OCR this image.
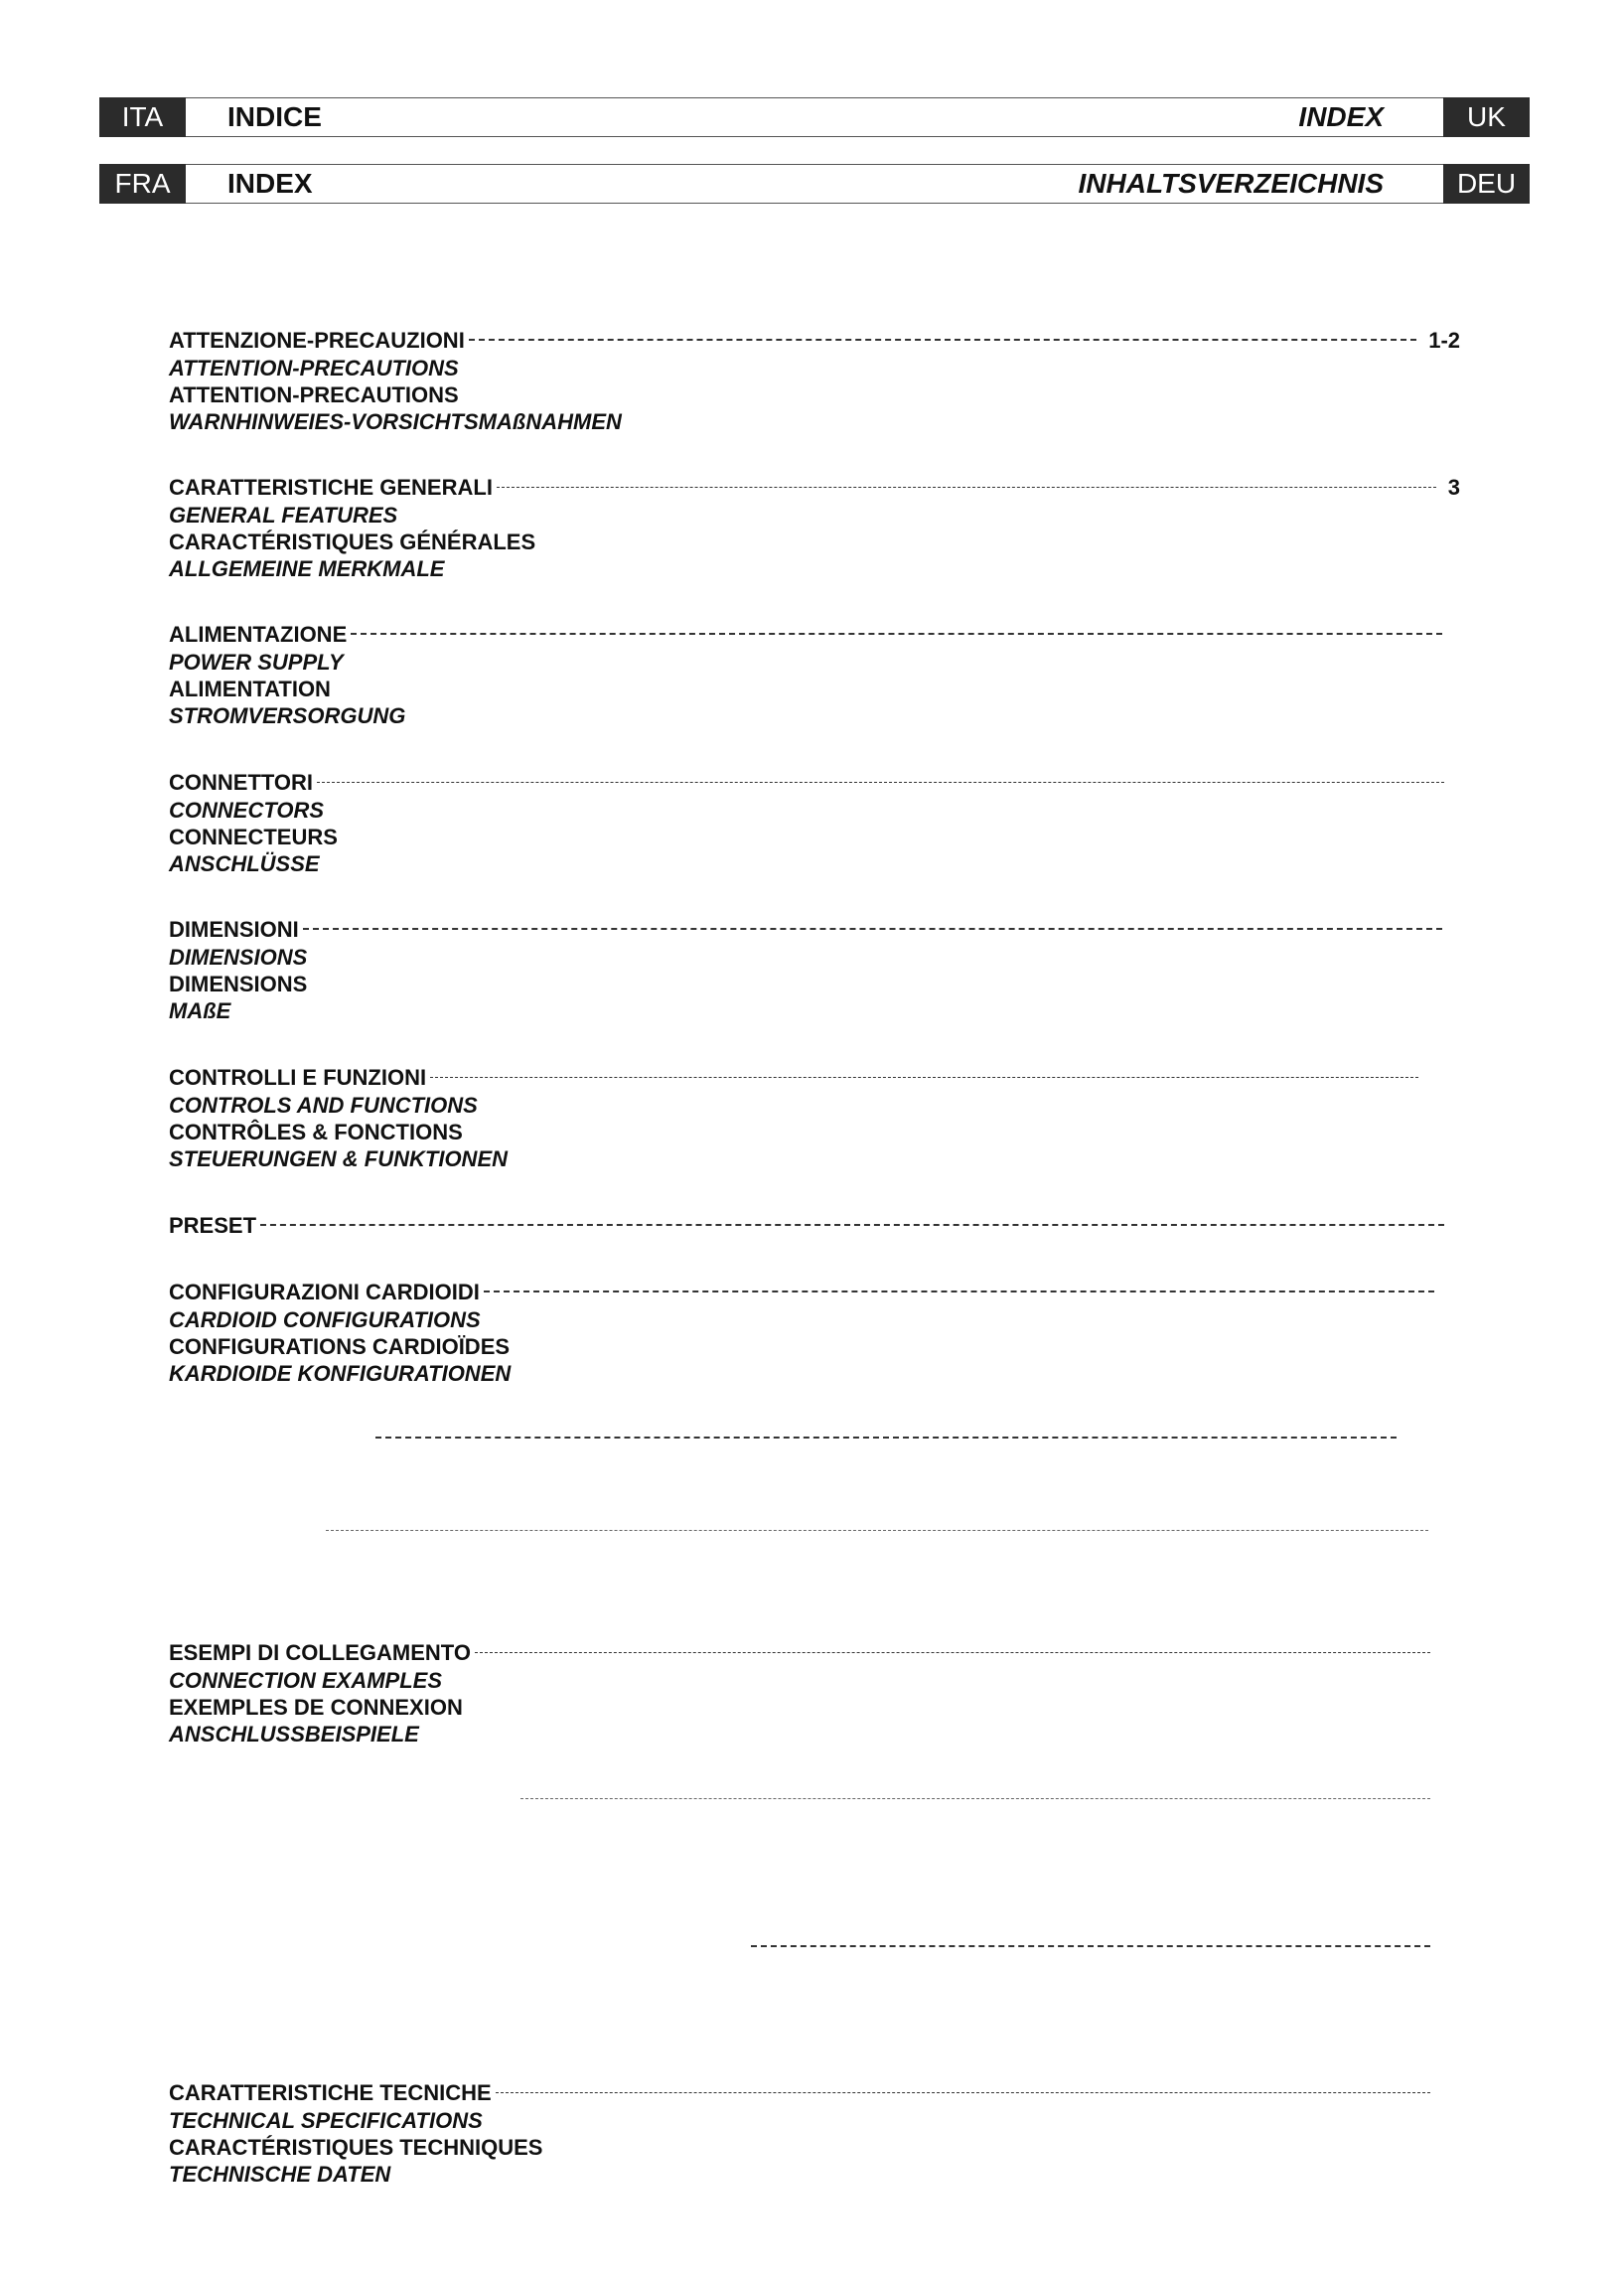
ITA	INDICE	INDEX	UK
FRA	INDEX	INHALTSVERZEICHNIS	DEU
ATTENZIONE-PRECAUZIONI	1-2
ATTENTION-PRECAUTIONS
ATTENTION-PRECAUTIONS
WARNHINWEIES-VORSICHTSMAßNAHMEN
CARATTERISTICHE GENERALI	3
GENERAL FEATURES
CARACTÉRISTIQUES GÉNÉRALES
ALLGEMEINE MERKMALE
ALIMENTAZIONE
POWER SUPPLY
ALIMENTATION
STROMVERSORGUNG
CONNETTORI
CONNECTORS
CONNECTEURS
ANSCHLÜSSE
DIMENSIONI
DIMENSIONS
DIMENSIONS
MAßE
CONTROLLI E FUNZIONI
CONTROLS AND FUNCTIONS
CONTRÔLES & FONCTIONS
STEUERUNGEN & FUNKTIONEN
PRESET
CONFIGURAZIONI CARDIOIDI
CARDIOID CONFIGURATIONS
CONFIGURATIONS CARDIOÏDES
KARDIOIDE KONFIGURATIONEN
ESEMPI DI COLLEGAMENTO
CONNECTION EXAMPLES
EXEMPLES DE CONNEXION
ANSCHLUSSBEISPIELE
CARATTERISTICHE TECNICHE
TECHNICAL SPECIFICATIONS
CARACTÉRISTIQUES TECHNIQUES
TECHNISCHE DATEN
